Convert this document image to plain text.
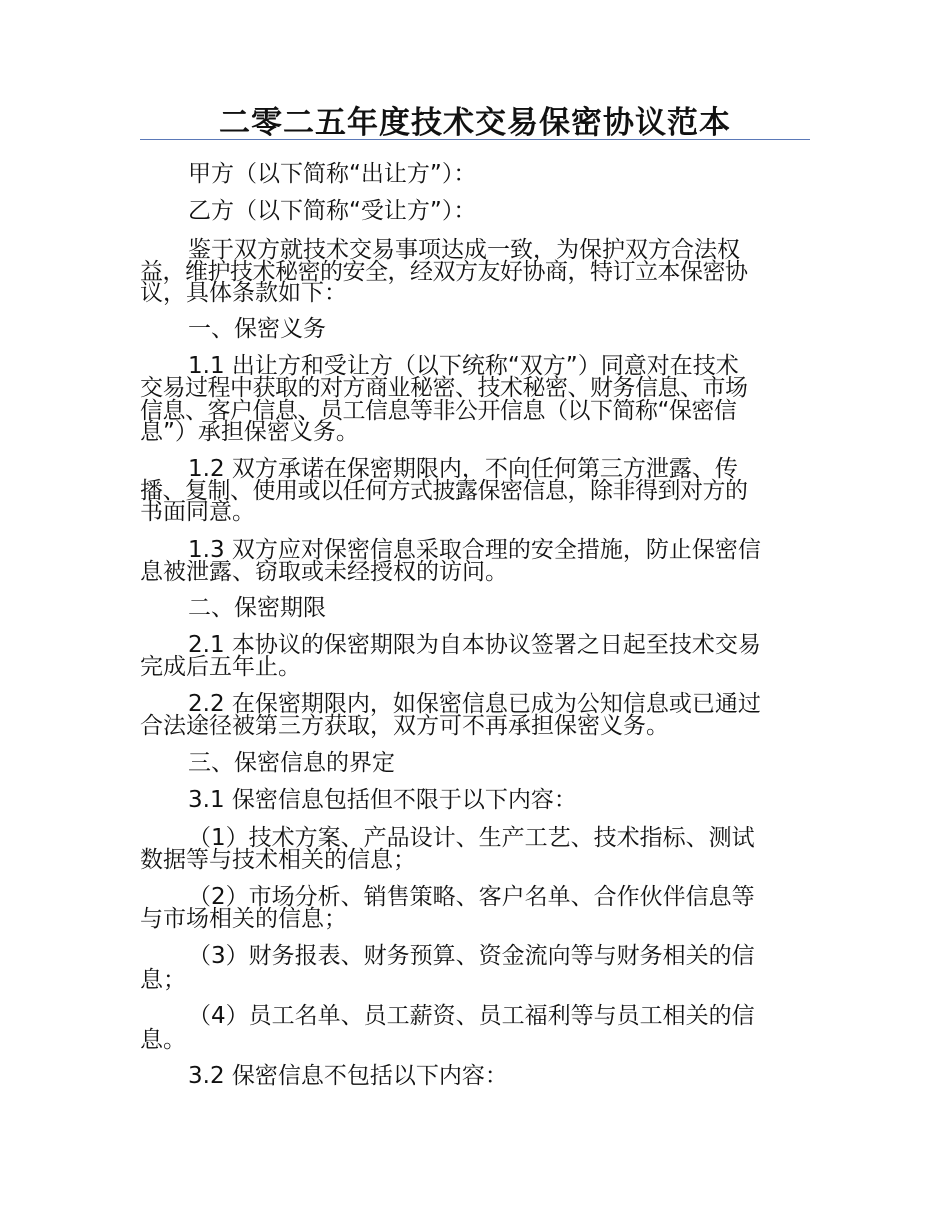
二零二五年度技术交易保密协议范本
甲方（以下简称“出让方”）：
乙方（以下简称“受让方”）：
鉴于双方就技术交易事项达成一致，为保护双方合法权
益，维护技术秘密的安全，经双方友好协商，特订立本保密协
议，具体条款如下：
一、保密义务
1.1 出让方和受让方（以下统称“双方”）同意对在技术
交易过程中获取的对方商业秘密、技术秘密、财务信息、市场
信息、客户信息、员工信息等非公开信息（以下简称“保密信
息”）承担保密义务。
1.2 双方承诺在保密期限内，不向任何第三方泄露、传
播、复制、使用或以任何方式披露保密信息，除非得到对方的
书面同意。
1.3 双方应对保密信息采取合理的安全措施，防止保密信
息被泄露、窃取或未经授权的访问。
二、保密期限
2.1 本协议的保密期限为自本协议签署之日起至技术交易
完成后五年止。
2.2 在保密期限内，如保密信息已成为公知信息或已通过
合法途径被第三方获取，双方可不再承担保密义务。
三、保密信息的界定
3.1 保密信息包括但不限于以下内容：
（1）技术方案、产品设计、生产工艺、技术指标、测试
数据等与技术相关的信息；
（2）市场分析、销售策略、客户名单、合作伙伴信息等
与市场相关的信息；
（3）财务报表、财务预算、资金流向等与财务相关的信
息；
（4）员工名单、员工薪资、员工福利等与员工相关的信
息。
3.2 保密信息不包括以下内容：
